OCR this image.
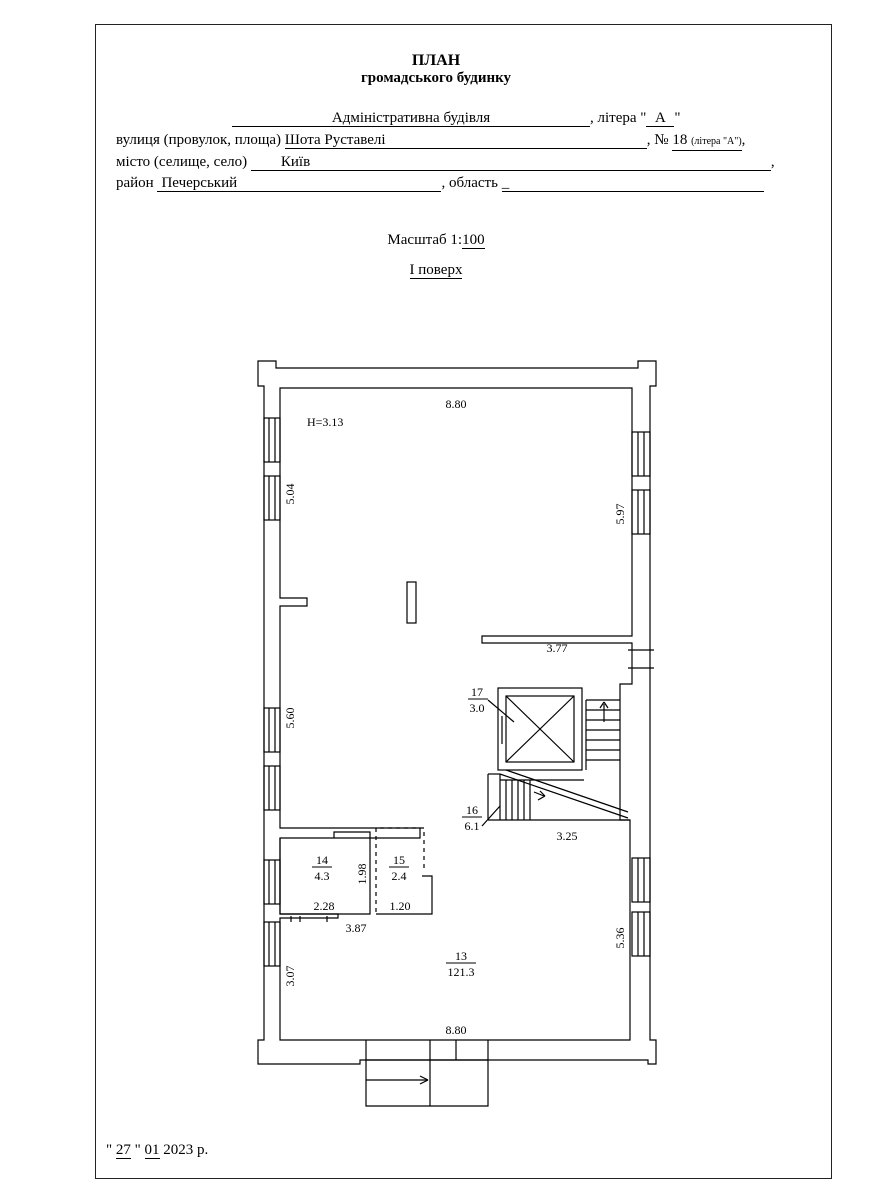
ПЛАН
громадського будинку
Адміністративна будівля	, літера " А "
вулиця (провулок, площа) Шота Руставелі	, № 18 (літера "А"),
місто (селище, село) Київ	,
район Печерський	, область _
Масштаб 1:100
І поверх
H=3.13
8.80
5.04
5.97
3.77
5.60
3.25
1.98
2.28	1.20
3.87	5.36
3.07
8.80
17
3.0
16
6.1
14
4.3
15
2.4
13
121.3
" 27 " 01 2023 р.
